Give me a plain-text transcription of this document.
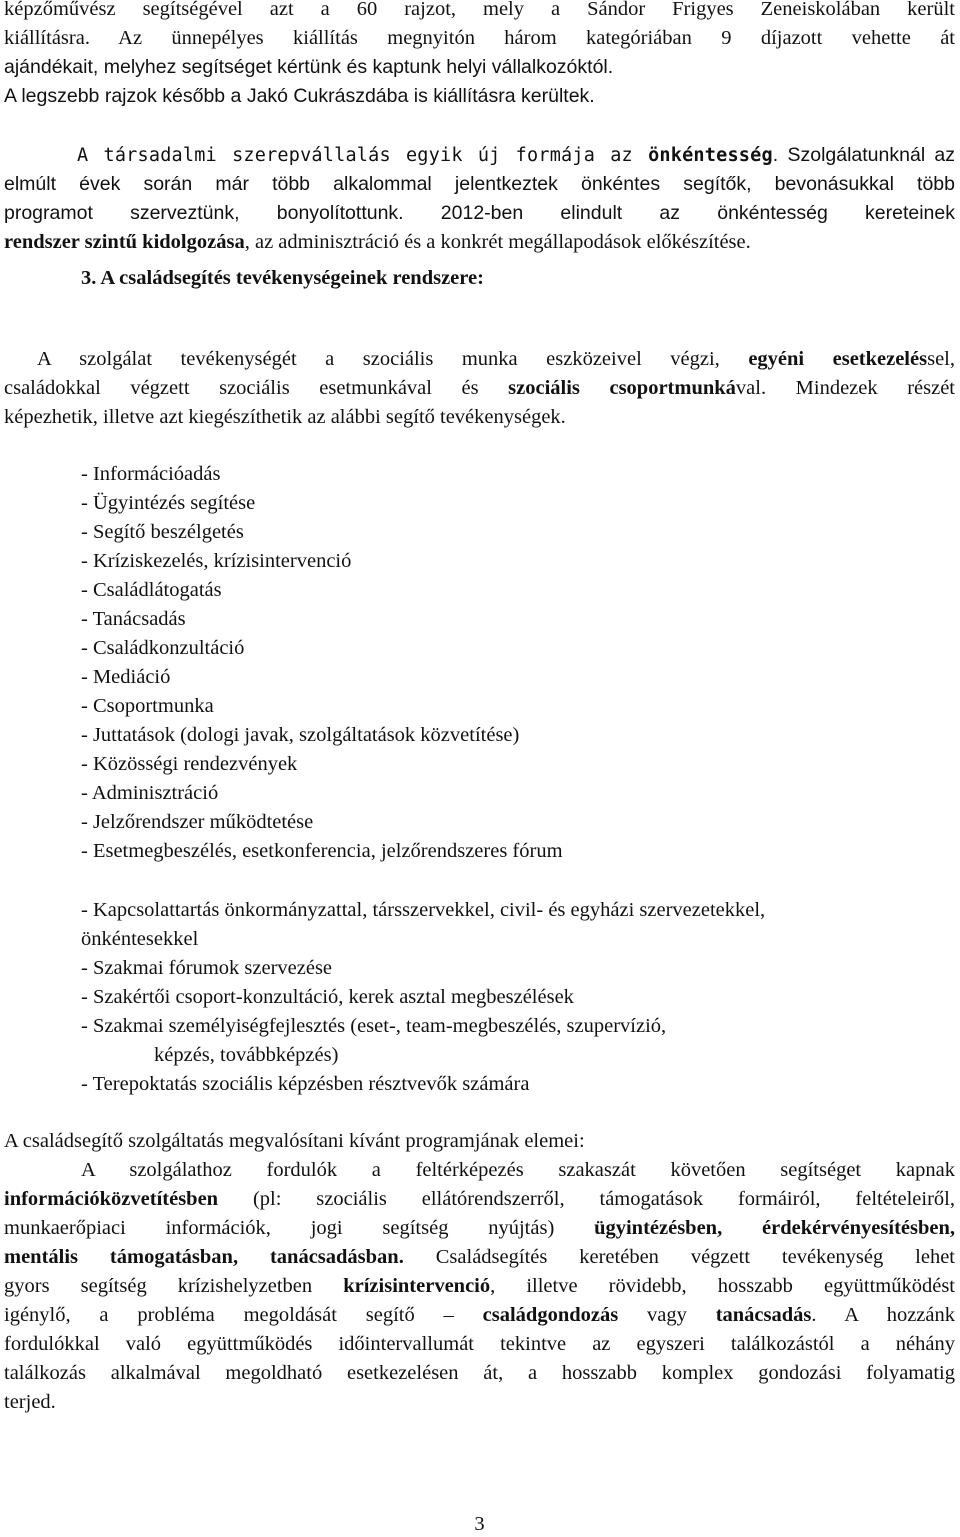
képzőművész segítségével azt a 60 rajzot, mely a Sándor Frigyes Zeneiskolában került
kiállításra. Az ünnepélyes kiállítás megnyitón három kategóriában 9 díjazott vehette át
ajándékait, melyhez segítséget kértünk és kaptunk helyi vállalkozóktól.
A legszebb rajzok később a Jakó Cukrászdába is kiállításra kerültek.
A társadalmi szerepvállalás egyik új formája az önkéntesség. Szolgálatunknál az
elmúlt évek során már több alkalommal jelentkeztek önkéntes segítők, bevonásukkal több
programot szerveztünk, bonyolítottunk. 2012-ben elindult az önkéntesség kereteinek
rendszer szintű kidolgozása, az adminisztráció és a konkrét megállapodások előkészítése.
3. A családsegítés tevékenységeinek rendszere:
A szolgálat tevékenységét a szociális munka eszközeivel végzi, egyéni esetkezeléssel,
családokkal végzett szociális esetmunkával és szociális csoportmunkával. Mindezek részét
képezhetik, illetve azt kiegészíthetik az alábbi segítő tevékenységek.
- Információadás
- Ügyintézés segítése
- Segítő beszélgetés
- Kríziskezelés, krízisintervenció
- Családlátogatás
- Tanácsadás
- Családkonzultáció
- Mediáció
- Csoportmunka
- Juttatások (dologi javak, szolgáltatások közvetítése)
- Közösségi rendezvények
- Adminisztráció
- Jelzőrendszer működtetése
- Esetmegbeszélés, esetkonferencia, jelzőrendszeres fórum
- Kapcsolattartás önkormányzattal, társszervekkel, civil- és egyházi szervezetekkel,
önkéntesekkel
- Szakmai fórumok szervezése
- Szakértői csoport-konzultáció, kerek asztal megbeszélések
- Szakmai személyiségfejlesztés (eset-, team-megbeszélés, szupervízió,
képzés, továbbképzés)
- Terepoktatás szociális képzésben résztvevők számára
A családsegítő szolgáltatás megvalósítani kívánt programjának elemei:
A szolgálathoz fordulók a feltérképezés szakaszát követően segítséget kapnak
információközvetítésben (pl: szociális ellátórendszerről, támogatások formáiról, feltételeiről,
munkaerőpiaci információk, jogi segítség nyújtás) ügyintézésben, érdekérvényesítésben,
mentális támogatásban, tanácsadásban. Családsegítés keretében végzett tevékenység lehet
gyors segítség krízishelyzetben krízisintervenció, illetve rövidebb, hosszabb együttműködést
igénylő, a probléma megoldását segítő – családgondozás vagy tanácsadás. A hozzánk
fordulókkal való együttműködés időintervallumát tekintve az egyszeri találkozástól a néhány
találkozás alkalmával megoldható esetkezelésen át, a hosszabb komplex gondozási folyamatig
terjed.
3
